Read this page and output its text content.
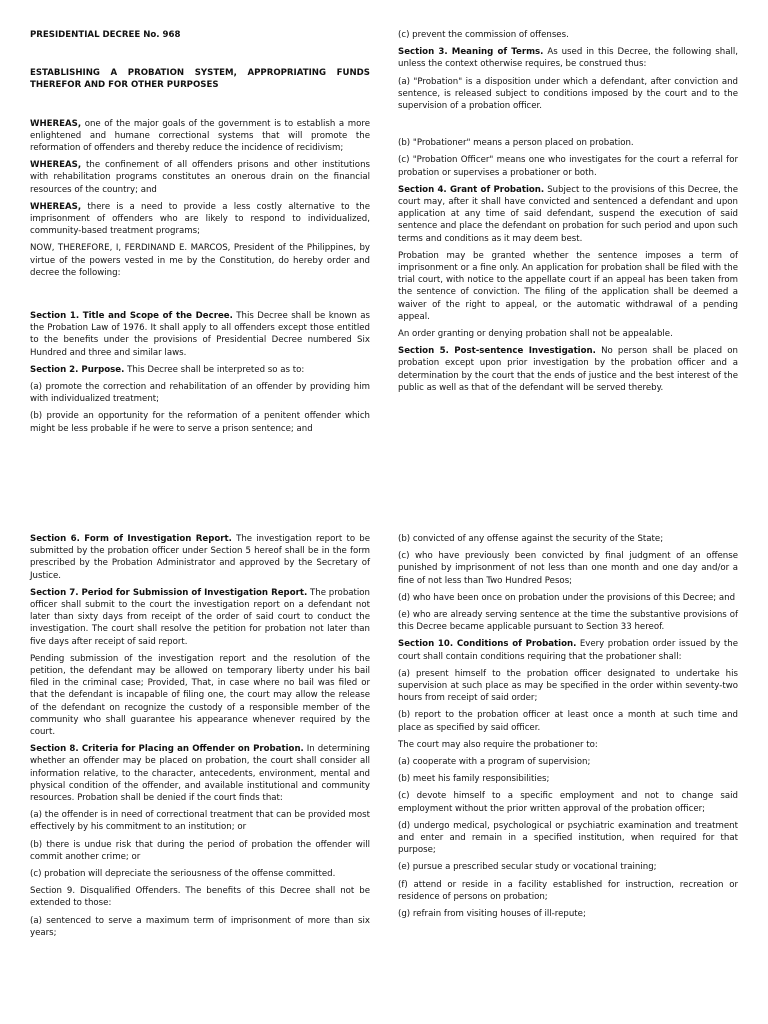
PRESIDENTIAL DECREE No. 968

ESTABLISHING A PROBATION SYSTEM, APPROPRIATING FUNDS THEREFOR AND FOR OTHER PURPOSES

WHEREAS, one of the major goals of the government is to establish a more enlightened and humane correctional systems that will promote the reformation of offenders and thereby reduce the incidence of recidivism;

WHEREAS, the confinement of all offenders prisons and other institutions with rehabilitation programs constitutes an onerous drain on the financial resources of the country; and

WHEREAS, there is a need to provide a less costly alternative to the imprisonment of offenders who are likely to respond to individualized, community-based treatment programs;

NOW, THEREFORE, I, FERDINAND E. MARCOS, President of the Philippines, by virtue of the powers vested in me by the Constitution, do hereby order and decree the following:

Section 1. Title and Scope of the Decree. This Decree shall be known as the Probation Law of 1976. It shall apply to all offenders except those entitled to the benefits under the provisions of Presidential Decree numbered Six Hundred and three and similar laws.

Section 2. Purpose. This Decree shall be interpreted so as to:

(a) promote the correction and rehabilitation of an offender by providing him with individualized treatment;

(b) provide an opportunity for the reformation of a penitent offender which might be less probable if he were to serve a prison sentence; and

(c) prevent the commission of offenses.

Section 3. Meaning of Terms. As used in this Decree, the following shall, unless the context otherwise requires, be construed thus:

(a) "Probation" is a disposition under which a defendant, after conviction and sentence, is released subject to conditions imposed by the court and to the supervision of a probation officer.

(b) "Probationer" means a person placed on probation.

(c) "Probation Officer" means one who investigates for the court a referral for probation or supervises a probationer or both.

Section 4. Grant of Probation. Subject to the provisions of this Decree, the court may, after it shall have convicted and sentenced a defendant and upon application at any time of said defendant, suspend the execution of said sentence and place the defendant on probation for such period and upon such terms and conditions as it may deem best.

Probation may be granted whether the sentence imposes a term of imprisonment or a fine only. An application for probation shall be filed with the trial court, with notice to the appellate court if an appeal has been taken from the sentence of conviction. The filing of the application shall be deemed a waiver of the right to appeal, or the automatic withdrawal of a pending appeal.

An order granting or denying probation shall not be appealable.

Section 5. Post-sentence Investigation. No person shall be placed on probation except upon prior investigation by the probation officer and a determination by the court that the ends of justice and the best interest of the public as well as that of the defendant will be served thereby.

Section 6. Form of Investigation Report. The investigation report to be submitted by the probation officer under Section 5 hereof shall be in the form prescribed by the Probation Administrator and approved by the Secretary of Justice.

Section 7. Period for Submission of Investigation Report. The probation officer shall submit to the court the investigation report on a defendant not later than sixty days from receipt of the order of said court to conduct the investigation. The court shall resolve the petition for probation not later than five days after receipt of said report.

Pending submission of the investigation report and the resolution of the petition, the defendant may be allowed on temporary liberty under his bail filed in the criminal case; Provided, That, in case where no bail was filed or that the defendant is incapable of filing one, the court may allow the release of the defendant on recognize the custody of a responsible member of the community who shall guarantee his appearance whenever required by the court.

Section 8. Criteria for Placing an Offender on Probation. In determining whether an offender may be placed on probation, the court shall consider all information relative, to the character, antecedents, environment, mental and physical condition of the offender, and available institutional and community resources. Probation shall be denied if the court finds that:

(a) the offender is in need of correctional treatment that can be provided most effectively by his commitment to an institution; or

(b) there is undue risk that during the period of probation the offender will commit another crime; or

(c) probation will depreciate the seriousness of the offense committed.

Section 9. Disqualified Offenders. The benefits of this Decree shall not be extended to those:

(a) sentenced to serve a maximum term of imprisonment of more than six years;

(b) convicted of any offense against the security of the State;

(c) who have previously been convicted by final judgment of an offense punished by imprisonment of not less than one month and one day and/or a fine of not less than Two Hundred Pesos;

(d) who have been once on probation under the provisions of this Decree; and

(e) who are already serving sentence at the time the substantive provisions of this Decree became applicable pursuant to Section 33 hereof.

Section 10. Conditions of Probation. Every probation order issued by the court shall contain conditions requiring that the probationer shall:

(a) present himself to the probation officer designated to undertake his supervision at such place as may be specified in the order within seventy-two hours from receipt of said order;

(b) report to the probation officer at least once a month at such time and place as specified by said officer.

The court may also require the probationer to:

(a) cooperate with a program of supervision;

(b) meet his family responsibilities;

(c) devote himself to a specific employment and not to change said employment without the prior written approval of the probation officer;

(d) undergo medical, psychological or psychiatric examination and treatment and enter and remain in a specified institution, when required for that purpose;

(e) pursue a prescribed secular study or vocational training;

(f) attend or reside in a facility established for instruction, recreation or residence of persons on probation;

(g) refrain from visiting houses of ill-repute;
